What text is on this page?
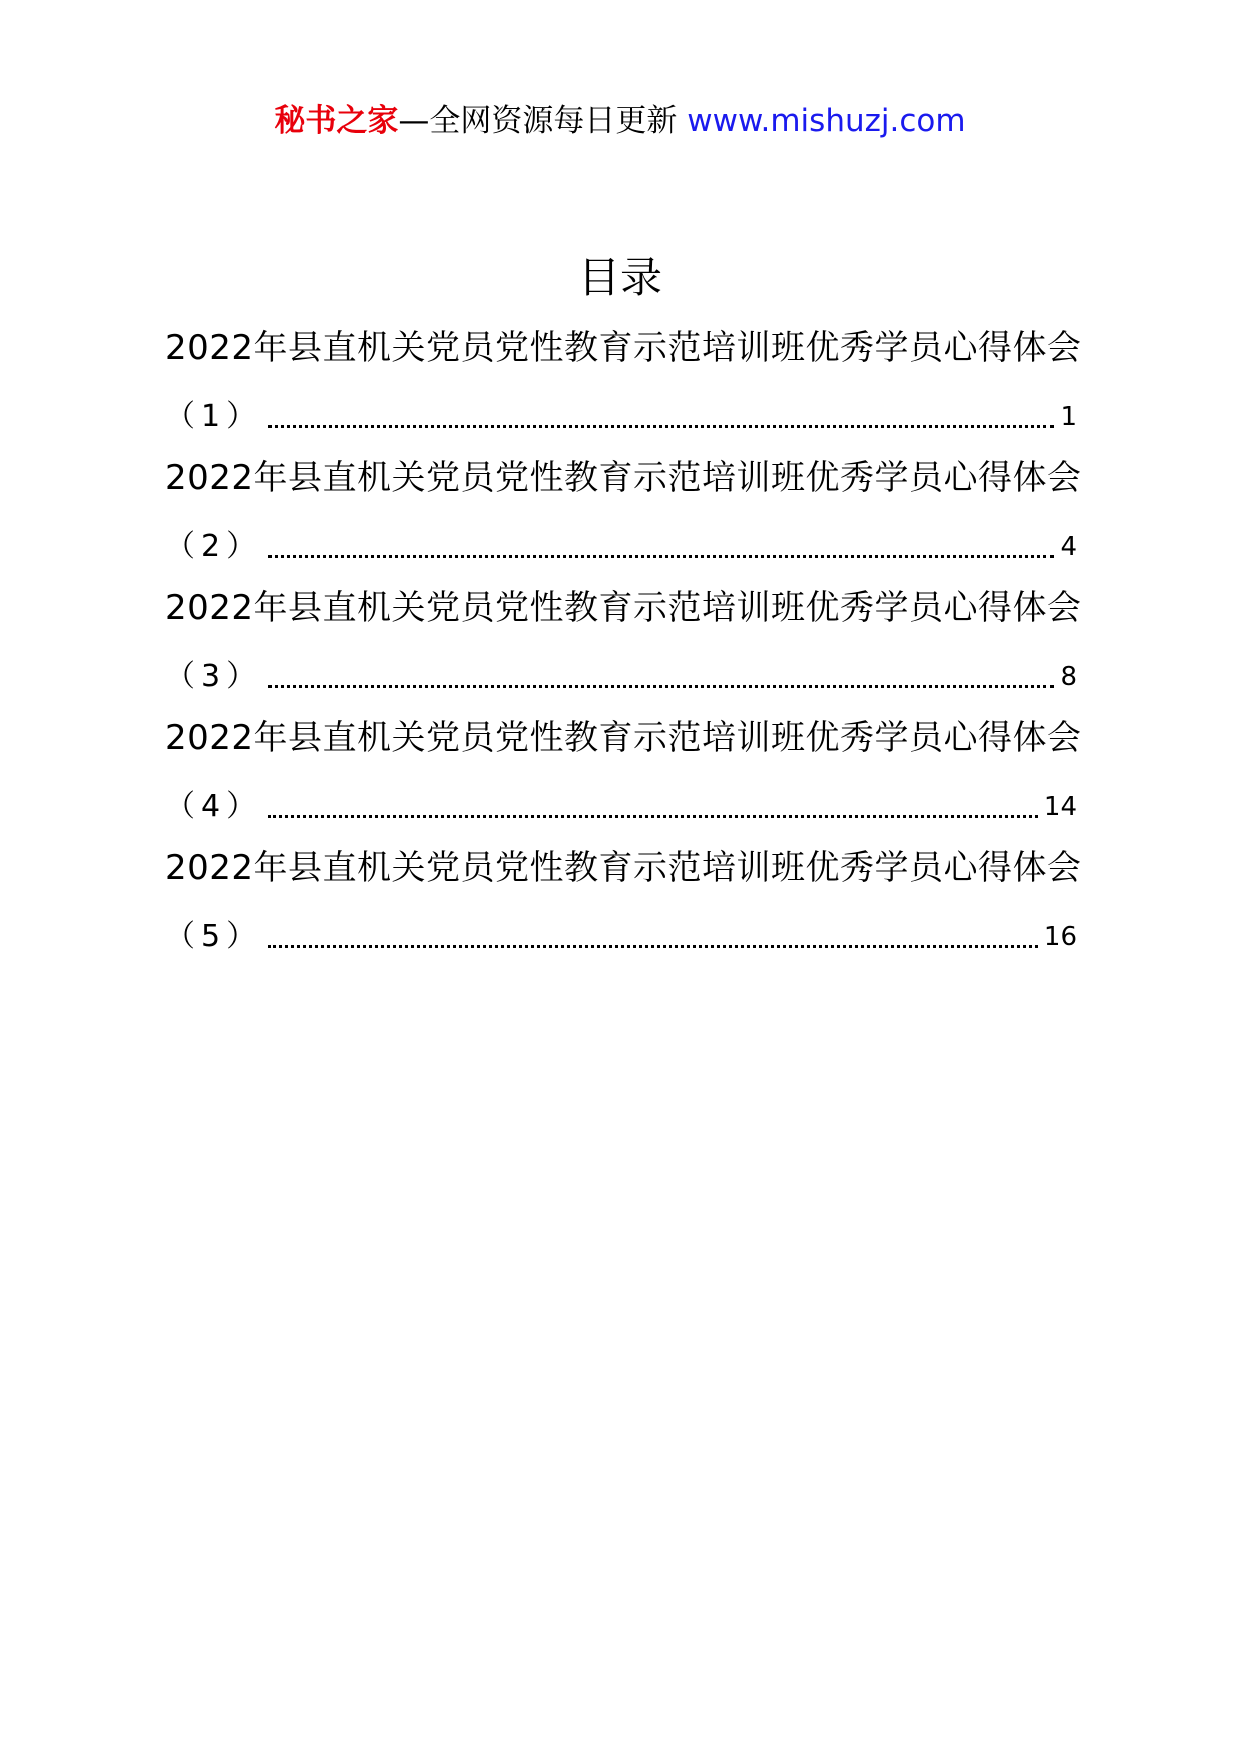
秘书之家—全网资源每日更新 www.mishuzj.com
目录
2022年县直机关党员党性教育示范培训班优秀学员心得体会
（1）	1
2022年县直机关党员党性教育示范培训班优秀学员心得体会
（2）	4
2022年县直机关党员党性教育示范培训班优秀学员心得体会
（3）	8
2022年县直机关党员党性教育示范培训班优秀学员心得体会
（4）	14
2022年县直机关党员党性教育示范培训班优秀学员心得体会
（5）	16
